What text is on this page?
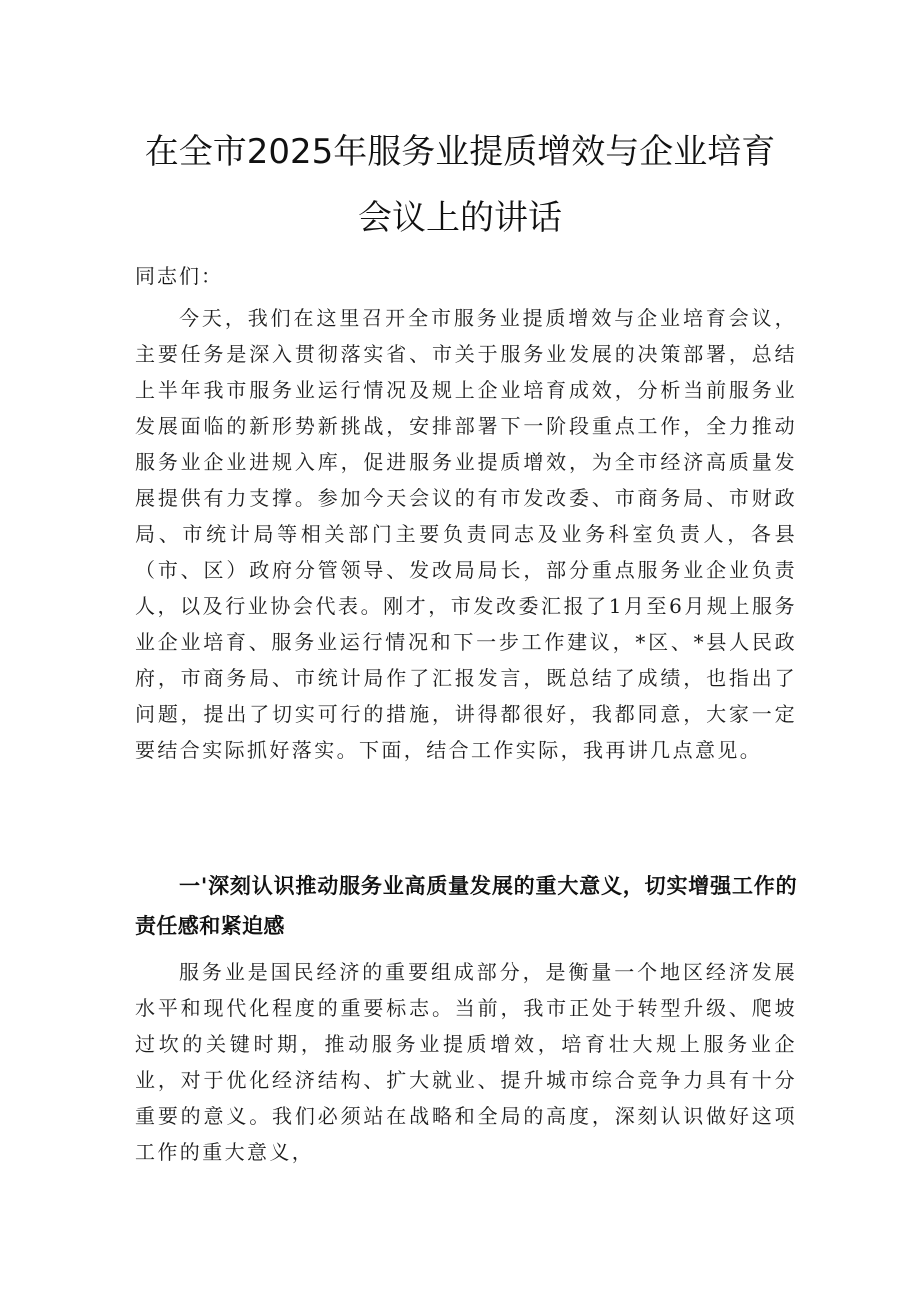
在全市2025年服务业提质增效与企业培育
会议上的讲话

同志们：

今天，我们在这里召开全市服务业提质增效与企业培育会议，主要任务是深入贯彻落实省、市关于服务业发展的决策部署，总结上半年我市服务业运行情况及规上企业培育成效，分析当前服务业发展面临的新形势新挑战，安排部署下一阶段重点工作，全力推动服务业企业进规入库，促进服务业提质增效，为全市经济高质量发展提供有力支撑。参加今天会议的有市发改委、市商务局、市财政局、市统计局等相关部门主要负责同志及业务科室负责人，各县（市、区）政府分管领导、发改局局长，部分重点服务业企业负责人，以及行业协会代表。刚才，市发改委汇报了1月至6月规上服务业企业培育、服务业运行情况和下一步工作建议，*区、*县人民政府，市商务局、市统计局作了汇报发言，既总结了成绩，也指出了问题，提出了切实可行的措施，讲得都很好，我都同意，大家一定要结合实际抓好落实。下面，结合工作实际，我再讲几点意见。

一'深刻认识推动服务业高质量发展的重大意义，切实增强工作的责任感和紧迫感

服务业是国民经济的重要组成部分，是衡量一个地区经济发展水平和现代化程度的重要标志。当前，我市正处于转型升级、爬坡过坎的关键时期，推动服务业提质增效，培育壮大规上服务业企业，对于优化经济结构、扩大就业、提升城市综合竞争力具有十分重要的意义。我们必须站在战略和全局的高度，深刻认识做好这项工作的重大意义，
